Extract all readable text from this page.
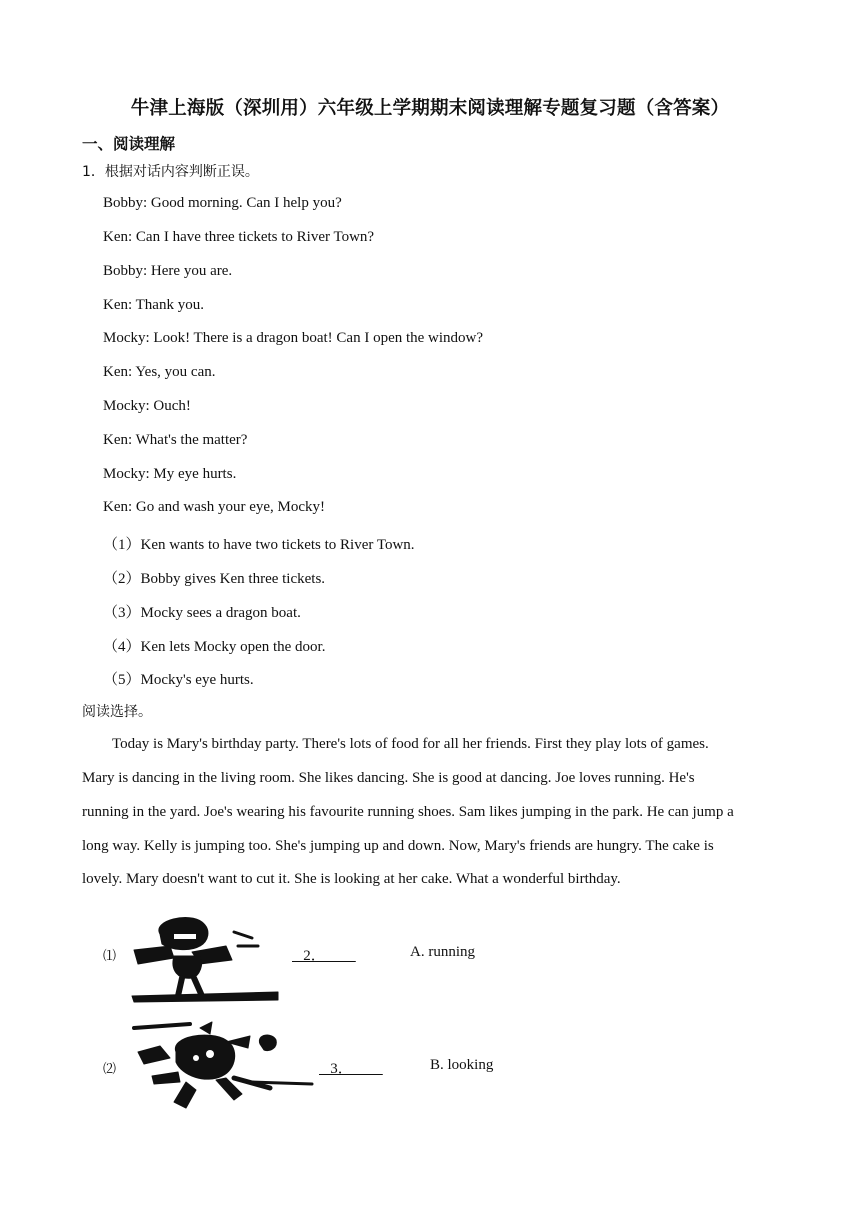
牛津上海版（深圳用）六年级上学期期末阅读理解专题复习题（含答案）
一、阅读理解
1．根据对话内容判断正误。
Bobby: Good morning. Can I help you?
Ken: Can I have three tickets to River Town?
Bobby: Here you are.
Ken: Thank you.
Mocky: Look! There is a dragon boat! Can I open the window?
Ken: Yes, you can.
Mocky: Ouch!
Ken: What's the matter?
Mocky: My eye hurts.
Ken: Go and wash your eye, Mocky!
（1）Ken wants to have two tickets to River Town.
（2）Bobby gives Ken three tickets.
（3）Mocky sees a dragon boat.
（4）Ken lets Mocky open the door.
（5）Mocky's eye hurts.
阅读选择。
Today is Mary's birthday party. There's lots of food for all her friends. First they play lots of games.
Mary is dancing in the living room. She likes dancing. She is good at dancing. Joe loves running. He's
running in the yard. Joe's wearing his favourite running shoes. Sam likes jumping in the park. He can jump a
long way. Kelly is jumping too. She's jumping up and down. Now, Mary's friends are hungry. The cake is
lovely. Mary doesn't want to cut it. She is looking at her cake. What a wonderful birthday.
⑴	2．	A. running
⑵	3．	B. looking
